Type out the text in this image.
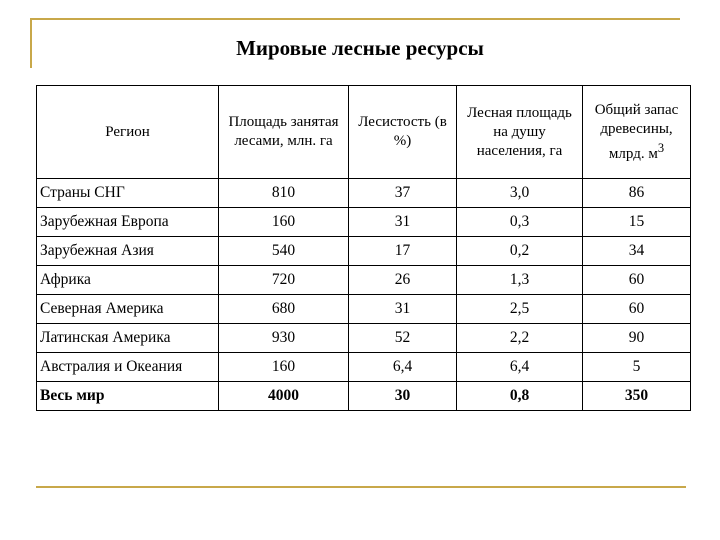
Мировые лесные ресурсы
Регион	Площадь занятая лесами, млн. га	Лесистость (в %)	Лесная площадь на душу населения, га	Общий запас древесины, млрд. $м^3$
Страны СНГ	810	37	3,0	86
Зарубежная Европа	160	31	0,3	15
Зарубежная Азия	540	17	0,2	34
Африка	720	26	1,3	60
Северная Америка	680	31	2,5	60
Латинская Америка	930	52	2,2	90
Австралия и Океания	160	6,4	6,4	5
Весь мир	4000	30	0,8	350
